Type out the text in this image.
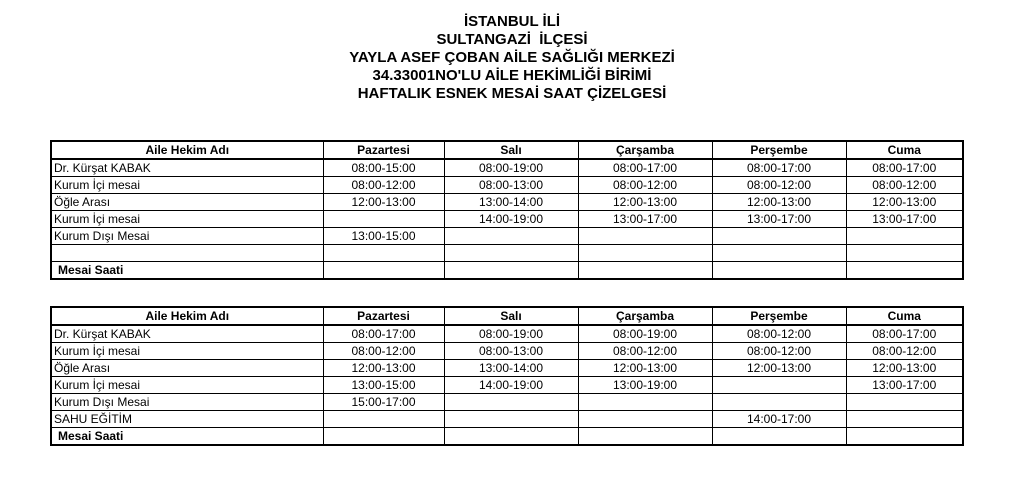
İSTANBUL İLİ
SULTANGAZİ  İLÇESİ
YAYLA ASEF ÇOBAN AİLE SAĞLIĞI MERKEZİ
34.33001NO'LU AİLE HEKİMLİĞİ BİRİMİ
HAFTALIK ESNEK MESAİ SAAT ÇİZELGESİ
Aile Hekim Adı	Pazartesi	Salı	Çarşamba	Perşembe	Cuma
Dr. Kürşat KABAK	08:00-15:00	08:00-19:00	08:00-17:00	08:00-17:00	08:00-17:00
Kurum İçi mesai	08:00-12:00	08:00-13:00	08:00-12:00	08:00-12:00	08:00-12:00
Öğle Arası	12:00-13:00	13:00-14:00	12:00-13:00	12:00-13:00	12:00-13:00
Kurum İçi mesai		14:00-19:00	13:00-17:00	13:00-17:00	13:00-17:00
Kurum Dışı Mesai	13:00-15:00				

Mesai Saati					
Aile Hekim Adı	Pazartesi	Salı	Çarşamba	Perşembe	Cuma
Dr. Kürşat KABAK	08:00-17:00	08:00-19:00	08:00-19:00	08:00-12:00	08:00-17:00
Kurum İçi mesai	08:00-12:00	08:00-13:00	08:00-12:00	08:00-12:00	08:00-12:00
Öğle Arası	12:00-13:00	13:00-14:00	12:00-13:00	12:00-13:00	12:00-13:00
Kurum İçi mesai	13:00-15:00	14:00-19:00	13:00-19:00		13:00-17:00
Kurum Dışı Mesai	15:00-17:00				
SAHU EĞİTİM				14:00-17:00	
Mesai Saati					
